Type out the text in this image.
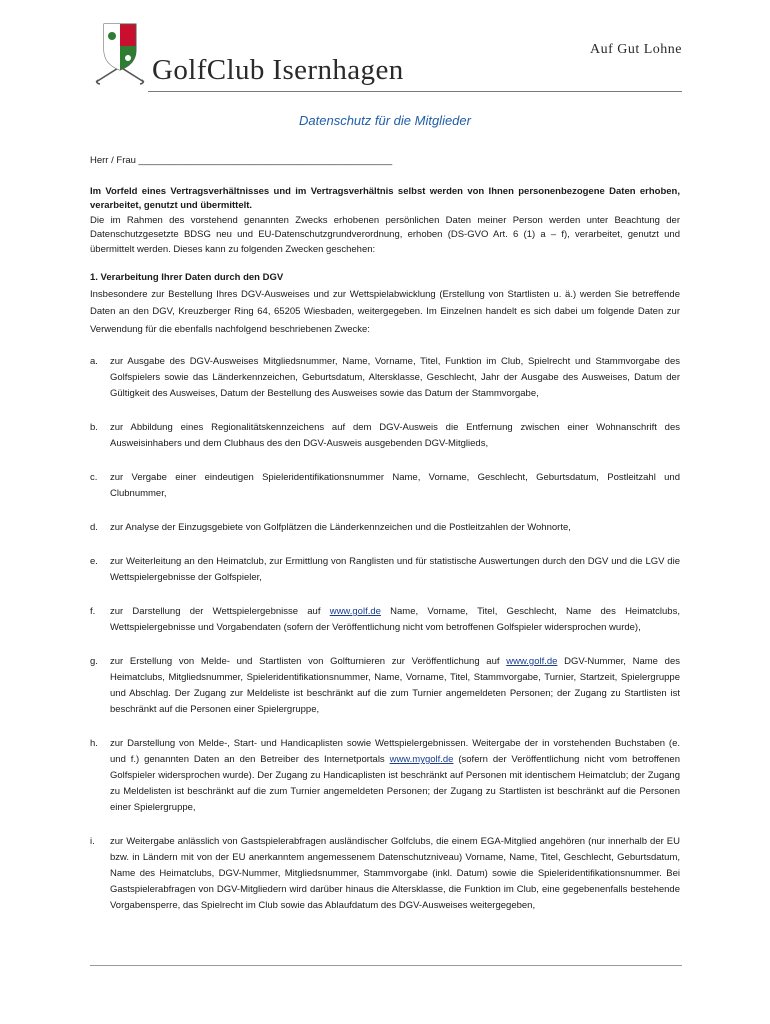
Auf Gut Lohne
GolfClub Isernhagen
Datenschutz für die Mitglieder

Herr / Frau ________________________________________________

Im Vorfeld eines Vertragsverhältnisses und im Vertragsverhältnis selbst werden von Ihnen personenbezogene Daten erhoben, verarbeitet, genutzt und übermittelt.

Die im Rahmen des vorstehend genannten Zwecks erhobenen persönlichen Daten meiner Person werden unter Beachtung der Datenschutzgesetzte BDSG neu und EU-Datenschutzgrundverordnung, erhoben (DS-GVO Art. 6 (1) a – f), verarbeitet, genutzt und übermittelt werden. Dieses kann zu folgenden Zwecken geschehen:

1. Verarbeitung Ihrer Daten durch den DGV

Insbesondere zur Bestellung Ihres DGV-Ausweises und zur Wettspielabwicklung (Erstellung von Startlisten u. ä.) werden Sie betreffende Daten an den DGV, Kreuzberger Ring 64, 65205 Wiesbaden, weitergegeben. Im Einzelnen handelt es sich dabei um folgende Daten zur Verwendung für die ebenfalls nachfolgend beschriebenen Zwecke:

a.	zur Ausgabe des DGV-Ausweises Mitgliedsnummer, Name, Vorname, Titel, Funktion im Club, Spielrecht und Stammvorgabe des Golfspielers sowie das Länderkennzeichen, Geburtsdatum, Altersklasse, Geschlecht, Jahr der Ausgabe des Ausweises, Datum der Gültigkeit des Ausweises, Datum der Bestellung des Ausweises sowie das Datum der Stammvorgabe,
b.	zur Abbildung eines Regionalitätskennzeichens auf dem DGV-Ausweis die Entfernung zwischen einer Wohnanschrift des Ausweisinhabers und dem Clubhaus des den DGV-Ausweis ausgebenden DGV-Mitglieds,
c.	zur Vergabe einer eindeutigen Spieleridentifikationsnummer Name, Vorname, Geschlecht, Geburtsdatum, Postleitzahl und Clubnummer,
d.	zur Analyse der Einzugsgebiete von Golfplätzen die Länderkennzeichen und die Postleitzahlen der Wohnorte,
e.	zur Weiterleitung an den Heimatclub, zur Ermittlung von Ranglisten und für statistische Auswertungen durch den DGV und die LGV die Wettspielergebnisse der Golfspieler,
f.	zur Darstellung der Wettspielergebnisse auf www.golf.de Name, Vorname, Titel, Geschlecht, Name des Heimatclubs, Wettspielergebnisse und Vorgabendaten (sofern der Veröffentlichung nicht vom betroffenen Golfspieler widersprochen wurde),
g.	zur Erstellung von Melde- und Startlisten von Golfturnieren zur Veröffentlichung auf www.golf.de DGV-Nummer, Name des Heimatclubs, Mitgliedsnummer, Spieleridentifikationsnummer, Name, Vorname, Titel, Stammvorgabe, Turnier, Startzeit, Spielergruppe und Abschlag. Der Zugang zur Meldeliste ist beschränkt auf die zum Turnier angemeldeten Personen; der Zugang zu Startlisten ist beschränkt auf die Personen einer Spielergruppe,
h.	zur Darstellung von Melde-, Start- und Handicaplisten sowie Wettspielergebnissen. Weitergabe der in vorstehenden Buchstaben (e. und f.) genannten Daten an den Betreiber des Internetportals www.mygolf.de (sofern der Veröffentlichung nicht vom betroffenen Golfspieler widersprochen wurde). Der Zugang zu Handicaplisten ist beschränkt auf Personen mit identischem Heimatclub; der Zugang zu Meldelisten ist beschränkt auf die zum Turnier angemeldeten Personen; der Zugang zu Startlisten ist beschränkt auf die Personen einer Spielergruppe,
i.	zur Weitergabe anlässlich von Gastspielerabfragen ausländischer Golfclubs, die einem EGA-Mitglied angehören (nur innerhalb der EU bzw. in Ländern mit von der EU anerkanntem angemessenem Datenschutzniveau) Vorname, Name, Titel, Geschlecht, Geburtsdatum, Name des Heimatclubs, DGV-Nummer, Mitgliedsnummer, Stammvorgabe (inkl. Datum) sowie die Spieleridentifikationsnummer. Bei Gastspielerabfragen von DGV-Mitgliedern wird darüber hinaus die Altersklasse, die Funktion im Club, eine gegebenenfalls bestehende Vorgabensperre, das Spielrecht im Club sowie das Ablaufdatum des DGV-Ausweises weitergegeben,
